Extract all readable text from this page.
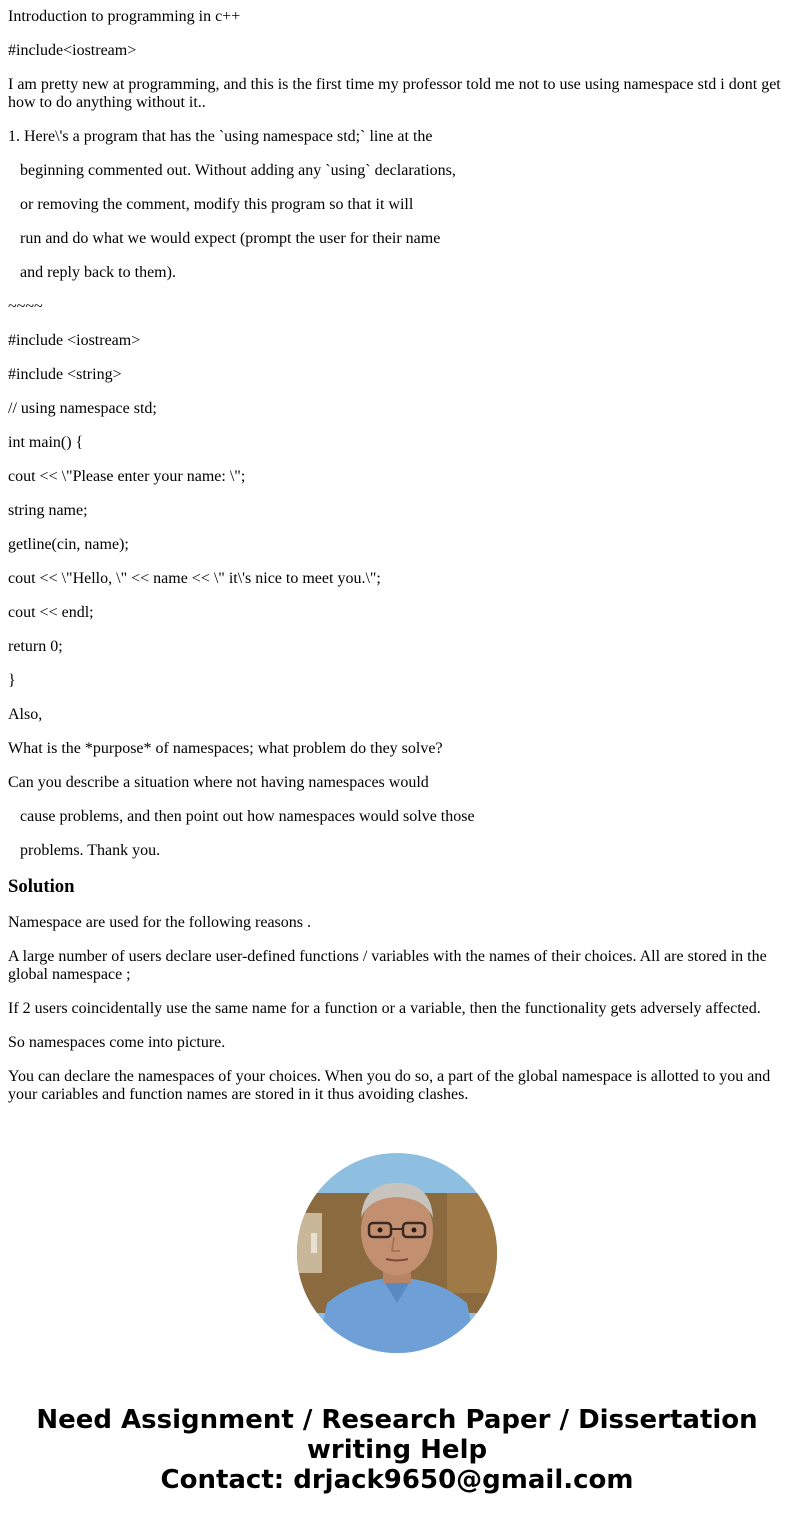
Introduction to programming in c++

#include<iostream>

I am pretty new at programming, and this is the first time my professor told me not to use using namespace std i dont get how to do anything without it..

1. Here\'s a program that has the `using namespace std;` line at the

beginning commented out. Without adding any `using` declarations,

or removing the comment, modify this program so that it will

run and do what we would expect (prompt the user for their name

and reply back to them).

~~~~

#include <iostream>

#include <string>

// using namespace std;

int main() {

cout << \"Please enter your name: \";

string name;

getline(cin, name);

cout << \"Hello, \" << name << \" it\'s nice to meet you.\";

cout << endl;

return 0;

}

Also,

What is the *purpose* of namespaces; what problem do they solve?

Can you describe a situation where not having namespaces would

cause problems, and then point out how namespaces would solve those

problems. Thank you.

Solution

Namespace are used for the following reasons .

A large number of users declare user-defined functions / variables with the names of their choices. All are stored in the global namespace ;

If 2 users coincidentally use the same name for a function or a variable, then the functionality gets adversely affected.

So namespaces come into picture.

You can declare the namespaces of your choices. When you do so, a part of the global namespace is allotted to you and your cariables and function names are stored in it thus avoiding clashes.

Need Assignment / Research Paper / Dissertation
writing Help
Contact: drjack9650@gmail.com
